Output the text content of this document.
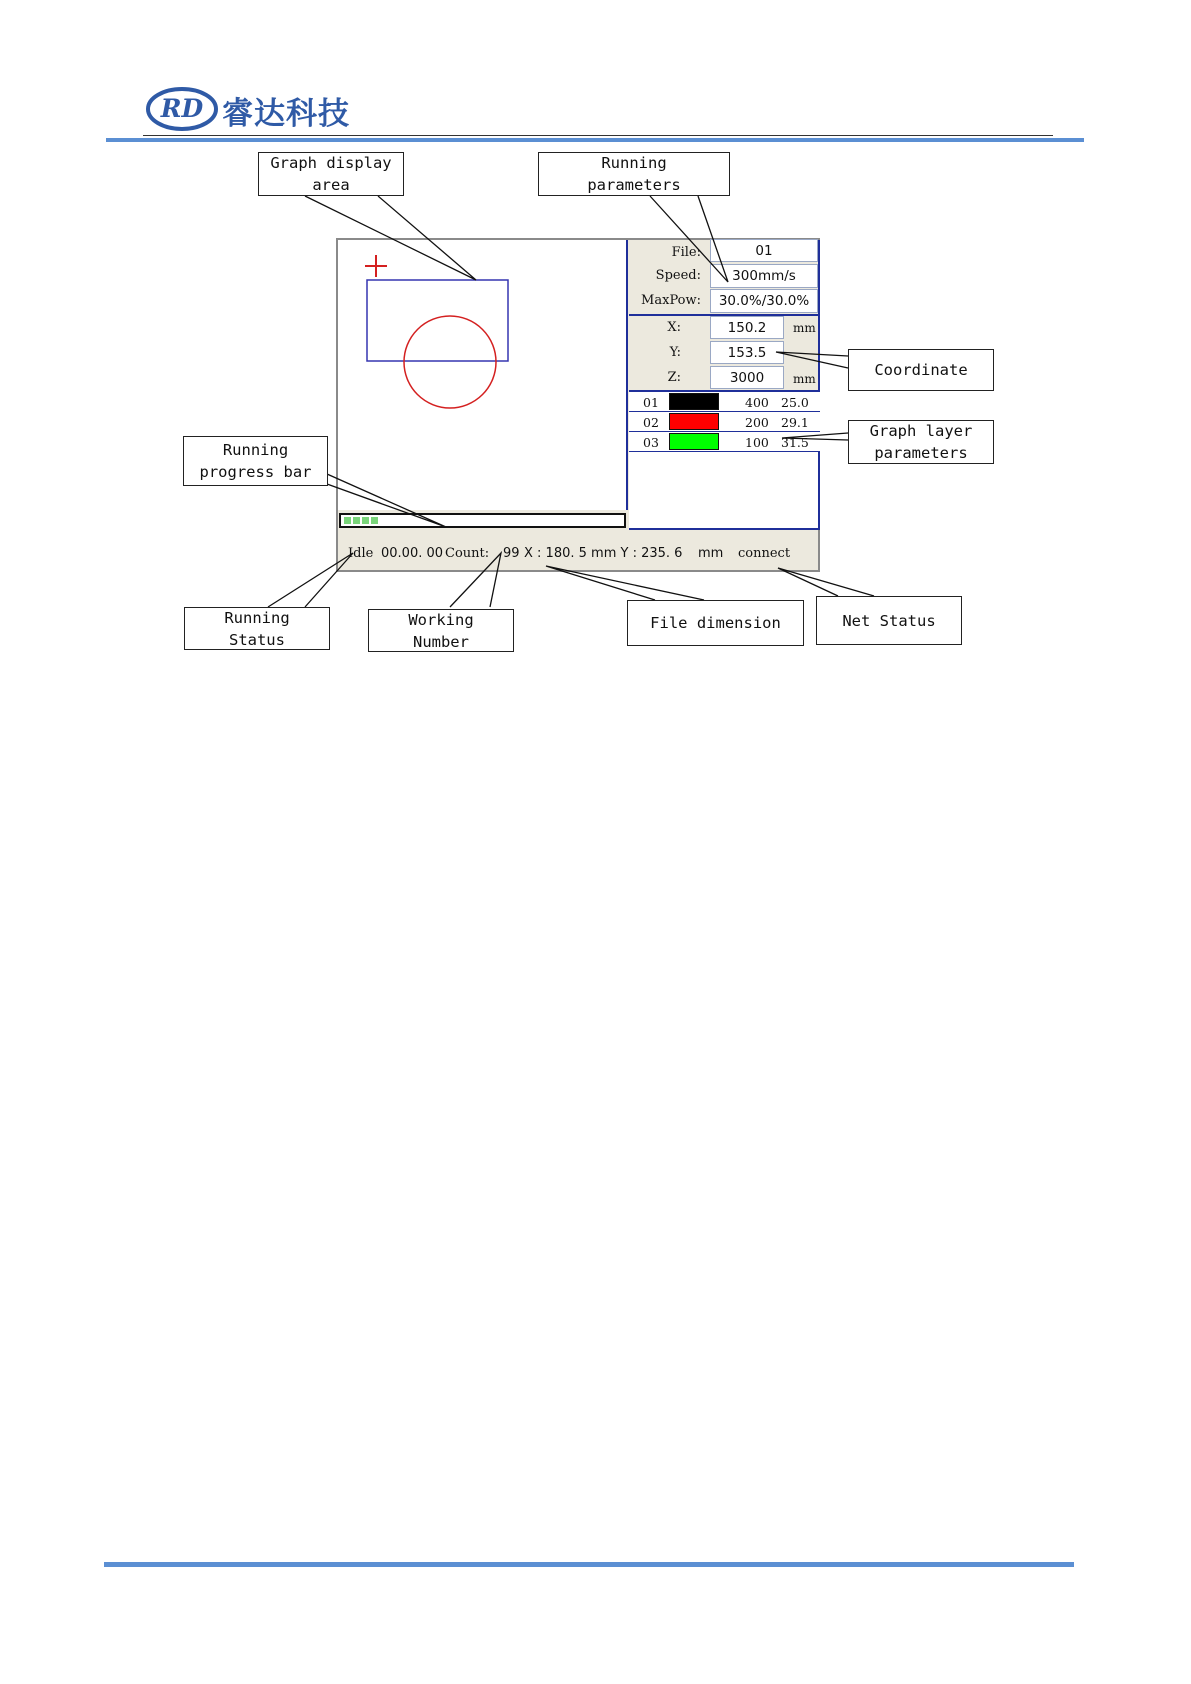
RD 睿达科技
File:	01
Speed:	300mm/s
MaxPow:	30.0%/30.0%
X:	150.2	mm
Y:	153.5
Z:	3000	mm
01	400 25.0
02	200 29.1
03	100 31.5
Idle 00.00. 00 Count: 99 X : 180. 5 mm Y : 235. 6 mm connect
Graph display
area
Running
parameters
Coordinate
Graph layer
parameters
Running
progress bar
Running
Status
Working
Number
File dimension	Net Status
